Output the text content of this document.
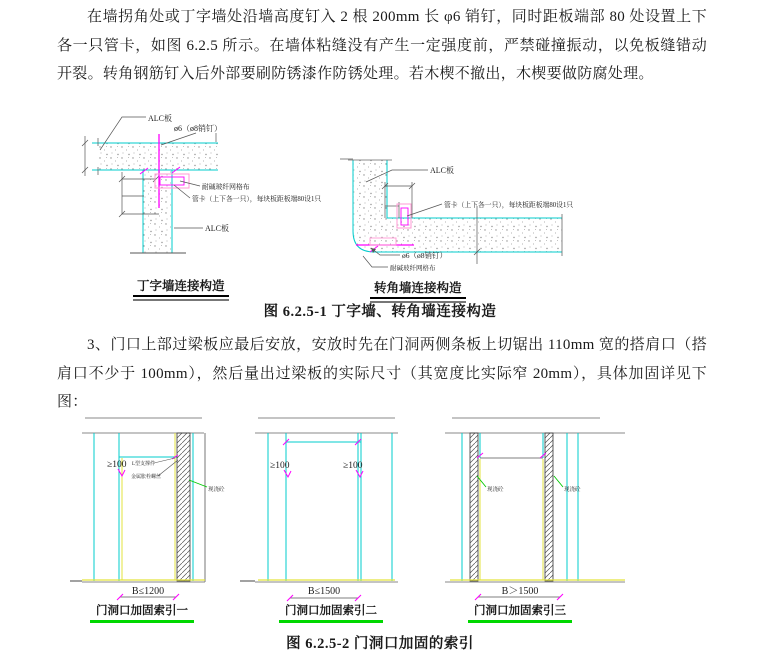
在墙拐角处或丁字墙处沿墙高度钉入 2 根 200mm 长 φ6 销钉，同时距板端部 80 处设置上下各一只管卡，如图 6.2.5 所示。在墙体粘缝没有产生一定强度前，严禁碰撞振动，以免板缝错动开裂。转角钢筋钉入后外部要刷防锈漆作防锈处理。若木楔不撤出，木楔要做防腐处理。
3、门口上部过梁板应最后安放，安放时先在门洞两侧条板上切锯出 110mm 宽的搭肩口（搭肩口不少于 100mm），然后量出过梁板的实际尺寸（其宽度比实际窄 20mm），具体加固详见下图：
ALC板
ø6（ø8销钉）
耐碱玻纤网格布
管卡（上下各一只），每块板距板端80设1只
ALC板
ALC板
管卡（上下各一只），每块板距板端80设1只
ø6（ø8销钉）
耐碱玻纤网格布
丁字墙连接构造	转角墙连接构造
图 6.2.5-1 丁字墙、转角墙连接构造
≥100 L型支撑件
金属胀栓螺丝
现浇砼
B≤1200
≥100	≥100
B≤1500
现浇砼	现浇砼
B＞1500
门洞口加固索引一	门洞口加固索引二	门洞口加固索引三
图 6.2.5-2 门洞口加固的索引
